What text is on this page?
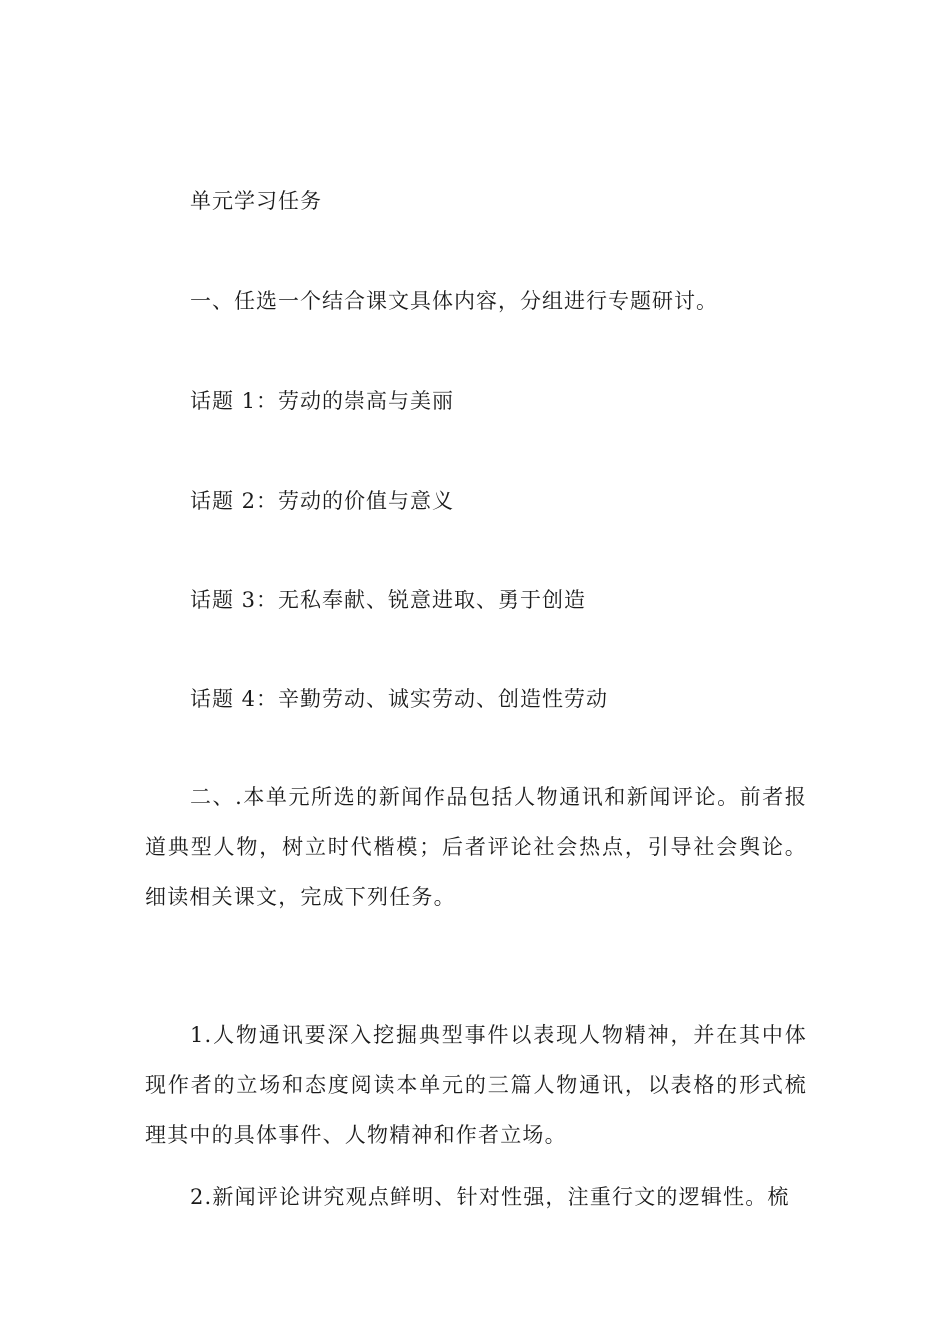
单元学习任务
一、任选一个结合课文具体内容，分组进行专题研讨。
话题 1：劳动的崇高与美丽
话题 2：劳动的价值与意义
话题 3：无私奉献、锐意进取、勇于创造
话题 4：辛勤劳动、诚实劳动、创造性劳动
二、.本单元所选的新闻作品包括人物通讯和新闻评论。前者报道典型人物，树立时代楷模；后者评论社会热点，引导社会舆论。细读相关课文，完成下列任务。
1.人物通讯要深入挖掘典型事件以表现人物精神，并在其中体现作者的立场和态度阅读本单元的三篇人物通讯，以表格的形式梳理其中的具体事件、人物精神和作者立场。
2.新闻评论讲究观点鲜明、针对性强，注重行文的逻辑性。梳
